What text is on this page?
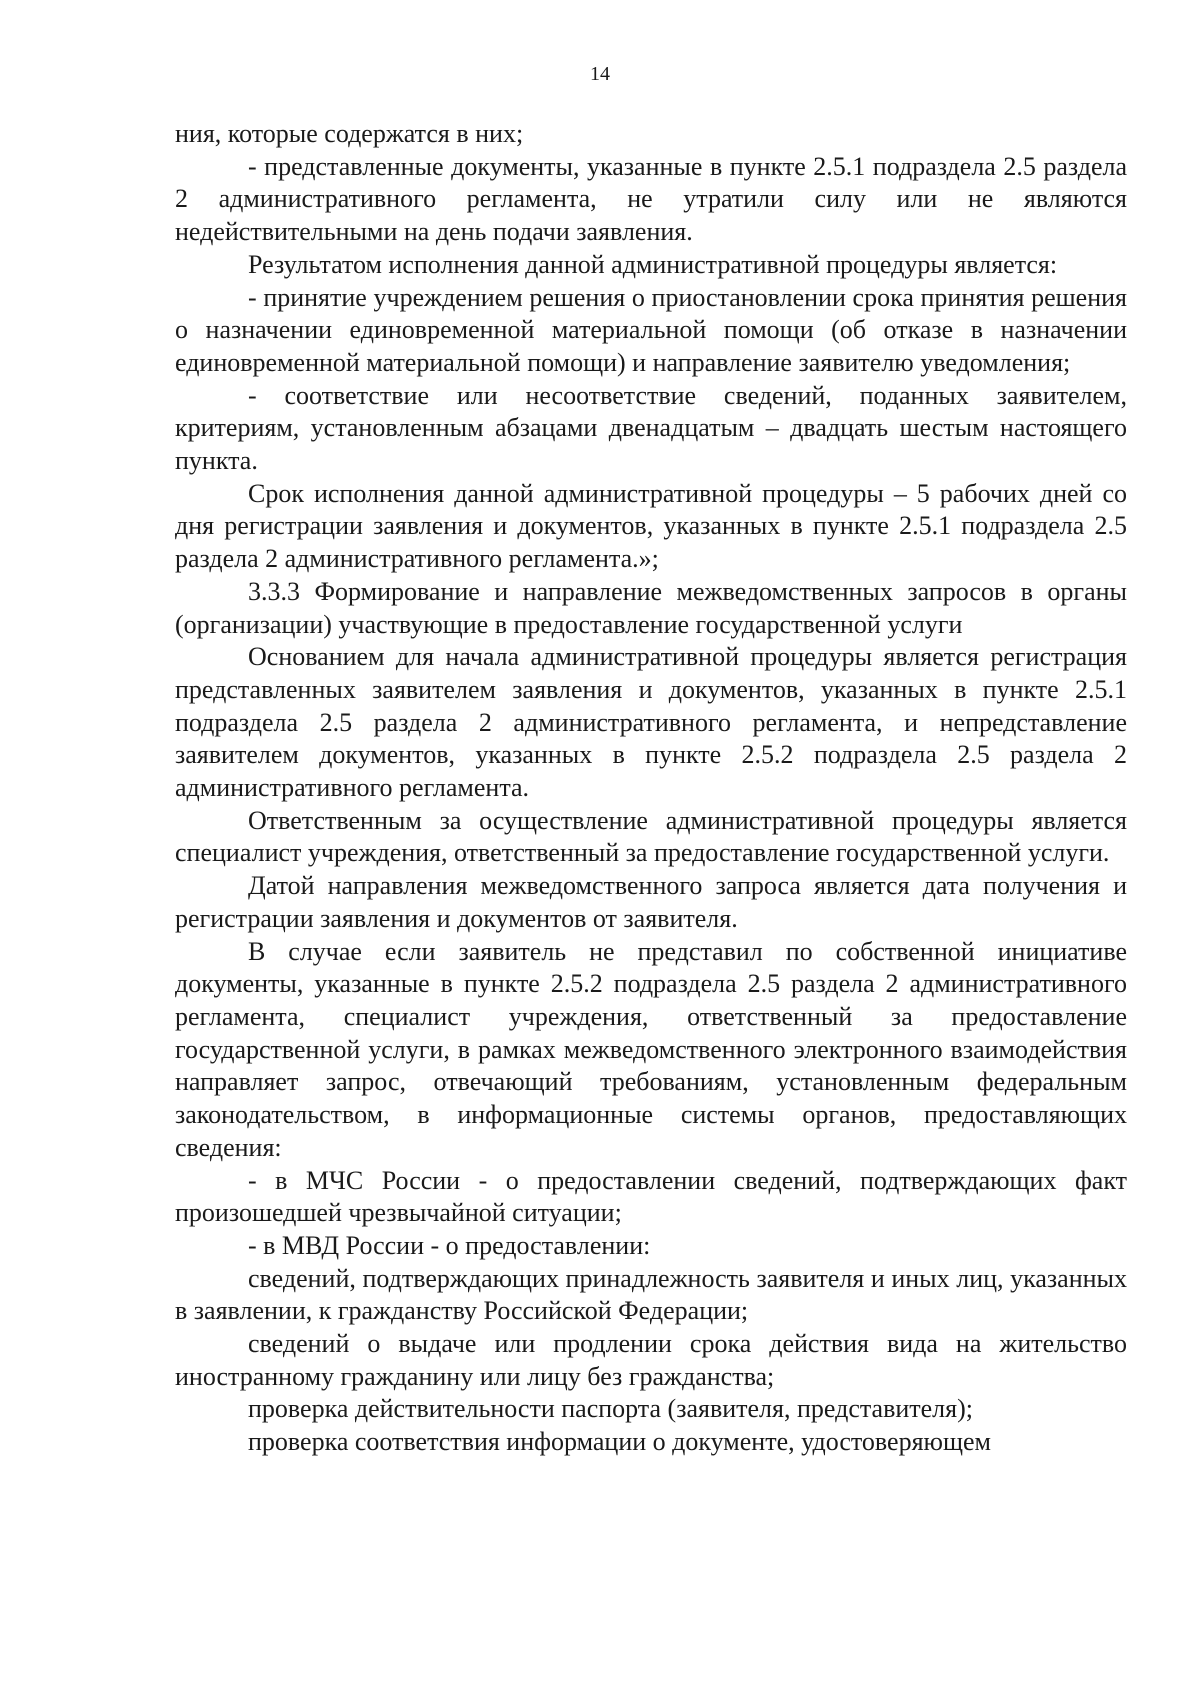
14

ния, которые содержатся в них;

- представленные документы, указанные в пункте 2.5.1 подраздела 2.5 раздела 2 административного регламента, не утратили силу или не являются недействительными на день подачи заявления.

Результатом исполнения данной административной процедуры является:

- принятие учреждением решения о приостановлении срока принятия решения о назначении единовременной материальной помощи (об отказе в назначении единовременной материальной помощи) и направление заявителю уведомления;

- соответствие или несоответствие сведений, поданных заявителем, критериям, установленным абзацами двенадцатым – двадцать шестым настоящего пункта.

Срок исполнения данной административной процедуры – 5 рабочих дней со дня регистрации заявления и документов, указанных в пункте 2.5.1 подраздела 2.5 раздела 2 административного регламента.»;

3.3.3 Формирование и направление межведомственных запросов в органы (организации) участвующие в предоставление государственной услуги

Основанием для начала административной процедуры является регистрация представленных заявителем заявления и документов, указанных в пункте 2.5.1 подраздела 2.5 раздела 2 административного регламента, и непредставление заявителем документов, указанных в пункте 2.5.2 подраздела 2.5 раздела 2 административного регламента.

Ответственным за осуществление административной процедуры является специалист учреждения, ответственный за предоставление государственной услуги.

Датой направления межведомственного запроса является дата получения и регистрации заявления и документов от заявителя.

В случае если заявитель не представил по собственной инициативе документы, указанные в пункте 2.5.2 подраздела 2.5 раздела 2 административного регламента, специалист учреждения, ответственный за предоставление государственной услуги, в рамках межведомственного электронного взаимодействия направляет запрос, отвечающий требованиям, установленным федеральным законодательством, в информационные системы органов, предоставляющих сведения:

- в МЧС России - о предоставлении сведений, подтверждающих факт произошедшей чрезвычайной ситуации;

- в МВД России - о предоставлении:

сведений, подтверждающих принадлежность заявителя и иных лиц, указанных в заявлении, к гражданству Российской Федерации;

сведений о выдаче или продлении срока действия вида на жительство иностранному гражданину или лицу без гражданства;

проверка действительности паспорта (заявителя, представителя);

проверка соответствия информации о документе, удостоверяющем
